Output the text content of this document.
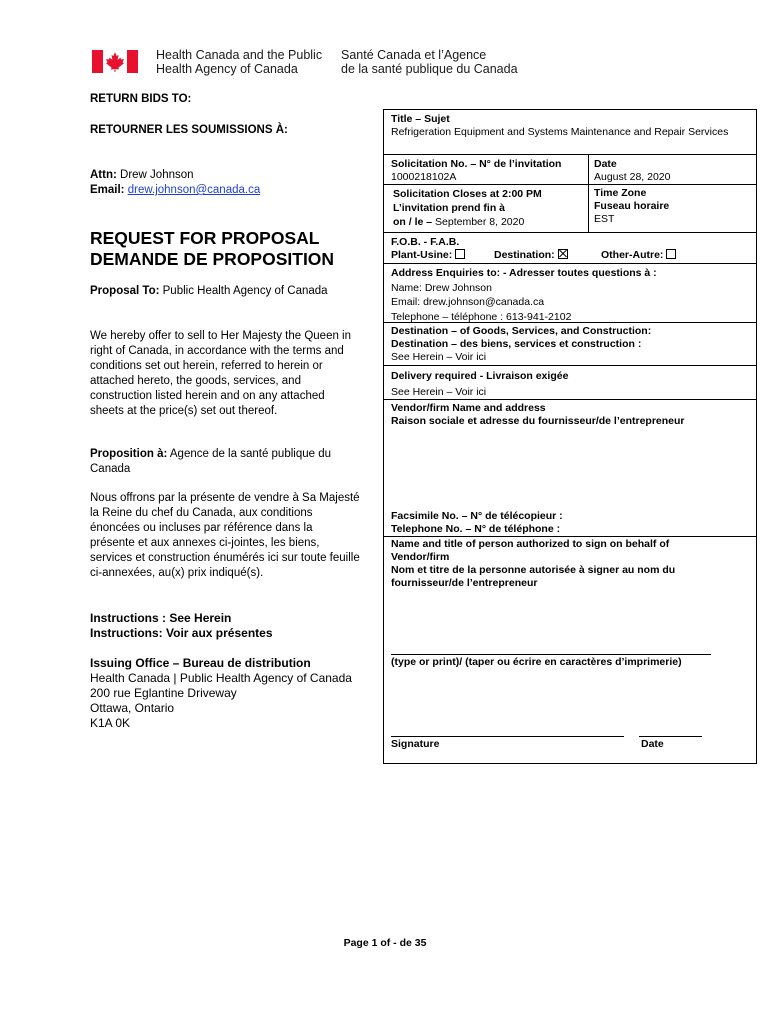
Health Canada and the Public
Health Agency of Canada
Santé Canada et l’Agence
de la santé publique du Canada
RETURN BIDS TO:
RETOURNER LES SOUMISSIONS À:
Attn: Drew Johnson
Email: drew.johnson@canada.ca
REQUEST FOR PROPOSAL
DEMANDE DE PROPOSITION
Proposal To: Public Health Agency of Canada
We hereby offer to sell to Her Majesty the Queen in right of Canada, in accordance with the terms and conditions set out herein, referred to herein or attached hereto, the goods, services, and construction listed herein and on any attached sheets at the price(s) set out thereof.
Proposition à: Agence de la santé publique du Canada
Nous offrons par la présente de vendre à Sa Majesté la Reine du chef du Canada, aux conditions énoncées ou incluses par référence dans la présente et aux annexes ci-jointes, les biens, services et construction énumérés ici sur toute feuille ci-annexées, au(x) prix indiqué(s).
Instructions : See Herein
Instructions: Voir aux présentes
Issuing Office – Bureau de distribution
Health Canada | Public Health Agency of Canada
200 rue Eglantine Driveway
Ottawa, Ontario
K1A 0K
Title – Sujet
Refrigeration Equipment and Systems Maintenance and Repair Services
Solicitation No. – N° de l’invitation
1000218102A
Date
August 28, 2020
Solicitation Closes at 2:00 PM
L’invitation prend fin à
on / le – September 8, 2020
Time Zone
Fuseau horaire
EST
F.O.B. - F.A.B.
Plant-Usine:	Destination:	Other-Autre:
Address Enquiries to: - Adresser toutes questions à :
Name: Drew Johnson
Email: drew.johnson@canada.ca
Telephone – téléphone : 613-941-2102
Destination – of Goods, Services, and Construction:
Destination – des biens, services et construction :
See Herein – Voir ici
Delivery required - Livraison exigée
See Herein – Voir ici
Vendor/firm Name and address
Raison sociale et adresse du fournisseur/de l’entrepreneur
Facsimile No. – N° de télécopieur :
Telephone No. – N° de téléphone :
Name and title of person authorized to sign on behalf of Vendor/firm
Nom et titre de la personne autorisée à signer au nom du fournisseur/de l’entrepreneur
(type or print)/ (taper ou écrire en caractères d’imprimerie)
Signature	Date
Page 1 of - de 35
